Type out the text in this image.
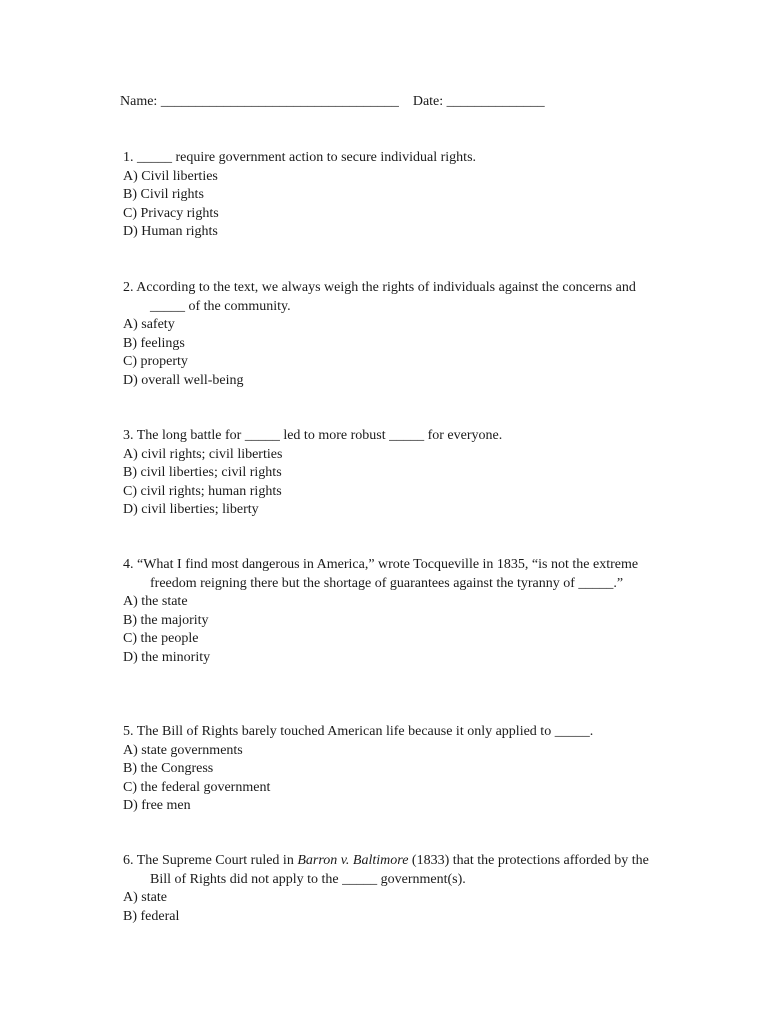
Name: __________________________________ Date: ______________

1. _____ require government action to secure individual rights.

A) Civil liberties
B) Civil rights
C) Privacy rights
D) Human rights

2. According to the text, we always weigh the rights of individuals against the concerns and _____ of the community.

A) safety
B) feelings
C) property
D) overall well-being

3. The long battle for _____ led to more robust _____ for everyone.

A) civil rights; civil liberties
B) civil liberties; civil rights
C) civil rights; human rights
D) civil liberties; liberty

4. “What I find most dangerous in America,” wrote Tocqueville in 1835, “is not the extreme freedom reigning there but the shortage of guarantees against the tyranny of _____.”

A) the state
B) the majority
C) the people
D) the minority

5. The Bill of Rights barely touched American life because it only applied to _____.

A) state governments
B) the Congress
C) the federal government
D) free men

6. The Supreme Court ruled in Barron v. Baltimore (1833) that the protections afforded by the Bill of Rights did not apply to the _____ government(s).

A) state
B) federal
